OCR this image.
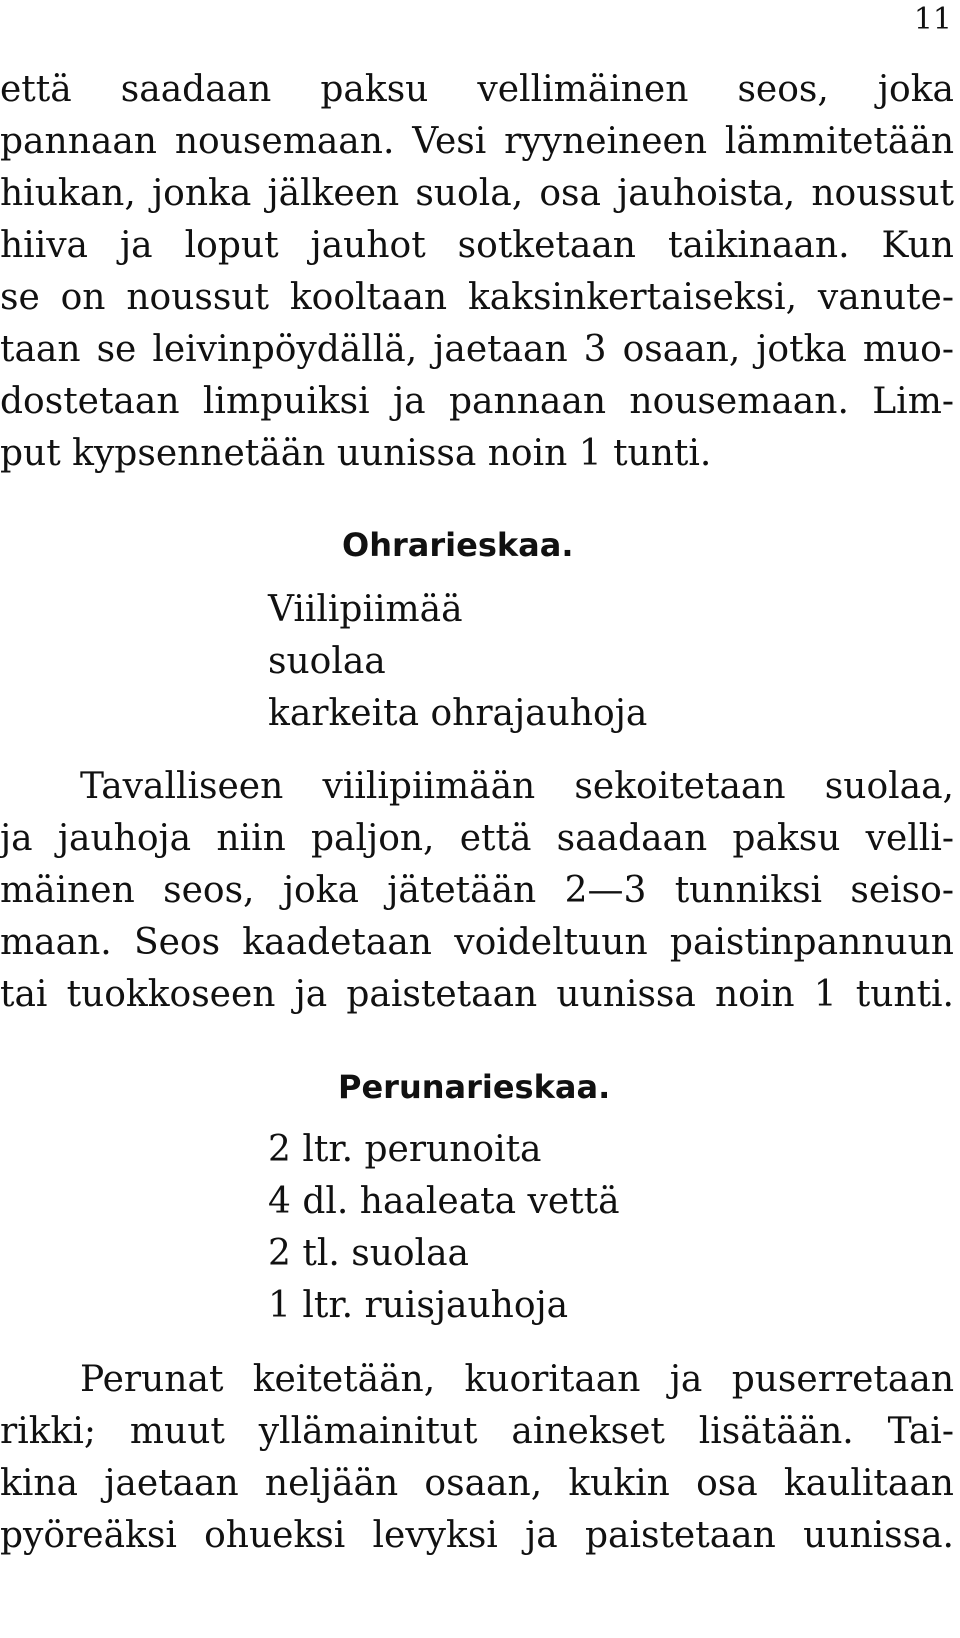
11
että saadaan paksu vellimäinen seos, joka
pannaan nousemaan. Vesi ryyneineen lämmitetään
hiukan, jonka jälkeen suola, osa jauhoista, noussut
hiiva ja loput jauhot sotketaan taikinaan. Kun
se on noussut kooltaan kaksinkertaiseksi, vanute-
taan se leivinpöydällä, jaetaan 3 osaan, jotka muo-
dostetaan limpuiksi ja pannaan nousemaan. Lim-
put kypsennetään uunissa noin 1 tunti.
Ohrarieskaa.
Viilipiimää
suolaa
karkeita ohrajauhoja
Tavalliseen viilipiimään sekoitetaan suolaa,
ja jauhoja niin paljon, että saadaan paksu velli-
mäinen seos, joka jätetään 2—3 tunniksi seiso-
maan. Seos kaadetaan voideltuun paistinpannuun
tai tuokkoseen ja paistetaan uunissa noin 1 tunti.
Perunarieskaa.
2 ltr. perunoita
4 dl. haaleata vettä
2 tl. suolaa
1 ltr. ruisjauhoja
Perunat keitetään, kuoritaan ja puserretaan
rikki; muut yllämainitut ainekset lisätään. Tai-
kina jaetaan neljään osaan, kukin osa kaulitaan
pyöreäksi ohueksi levyksi ja paistetaan uunissa.
